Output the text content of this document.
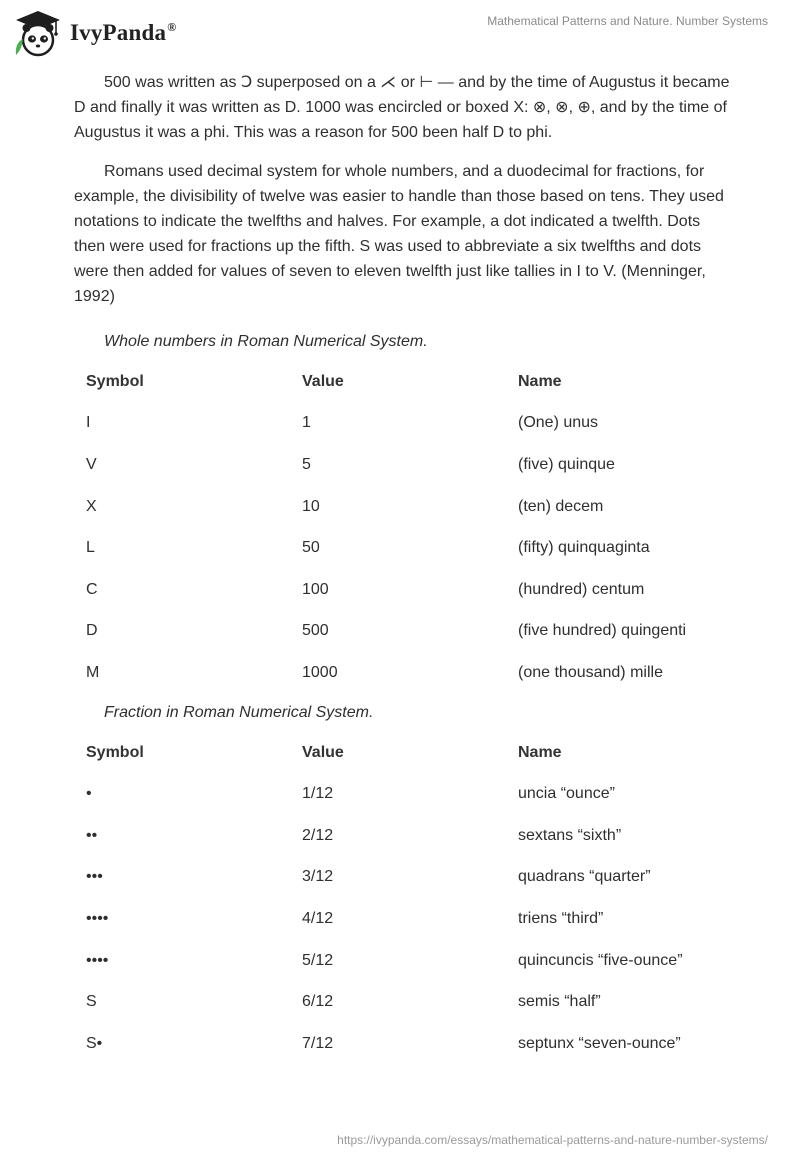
IvyPanda®	Mathematical Patterns and Nature. Number Systems

500 was written as Ↄ superposed on a ⋌ or ⊢ — and by the time of Augustus it became D and finally it was written as D. 1000 was encircled or boxed X: ⊗, ⊗, ⊕, and by the time of Augustus it was a phi. This was a reason for 500 been half D to phi.

Romans used decimal system for whole numbers, and a duodecimal for fractions, for example, the divisibility of twelve was easier to handle than those based on tens. They used notations to indicate the twelfths and halves. For example, a dot indicated a twelfth. Dots then were used for fractions up the fifth. S was used to abbreviate a six twelfths and dots were then added for values of seven to eleven twelfth just like tallies in I to V. (Menninger, 1992)

Whole numbers in Roman Numerical System.

Symbol	Value	Name
I	1	(One) unus
V	5	(five) quinque
X	10	(ten) decem
L	50	(fifty) quinquaginta
C	100	(hundred) centum
D	500	(five hundred) quingenti
M	1000	(one thousand) mille

Fraction in Roman Numerical System.

Symbol	Value	Name
•	1/12	uncia “ounce”
••	2/12	sextans “sixth”
•••	3/12	quadrans “quarter”
••••	4/12	triens “third”
••••	5/12	quincuncis “five-ounce”
S	6/12	semis “half”
S•	7/12	septunx “seven-ounce”
https://ivypanda.com/essays/mathematical-patterns-and-nature-number-systems/
